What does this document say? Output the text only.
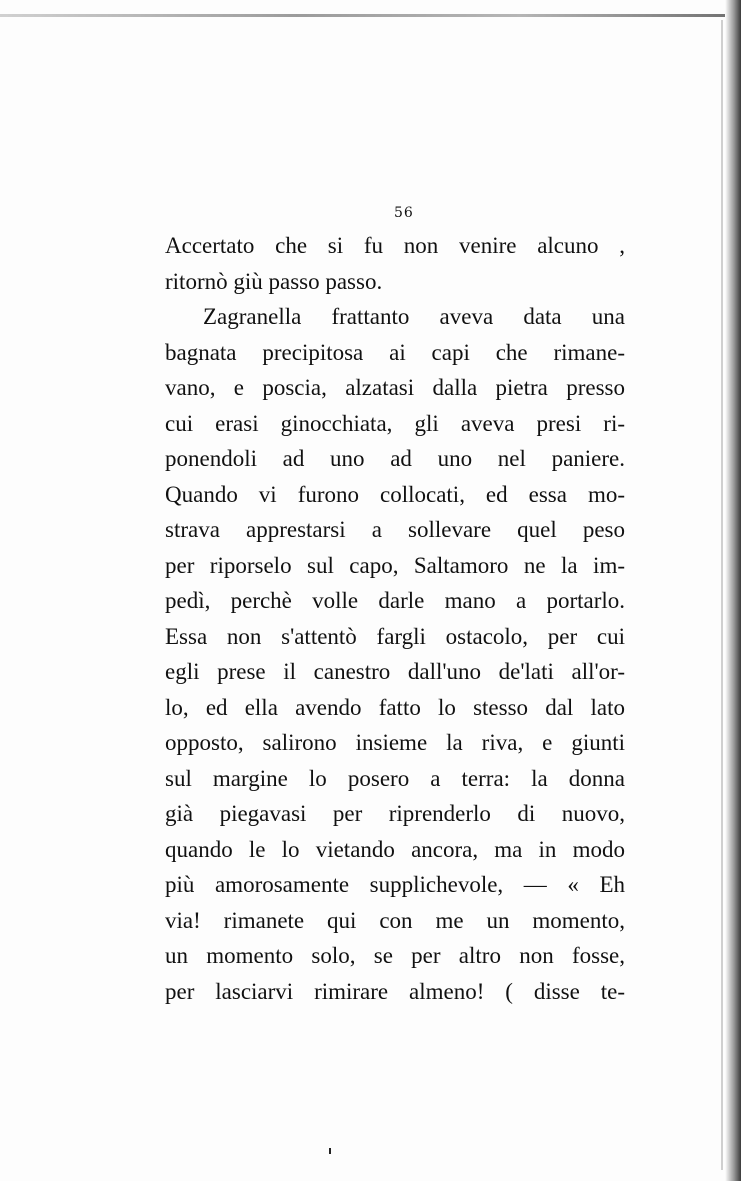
56
Accertato che si fu non venire alcuno ,
ritornò giù passo passo.
Zagranella frattanto aveva data una
bagnata precipitosa ai capi che rimane-
vano, e poscia, alzatasi dalla pietra presso
cui erasi ginocchiata, gli aveva presi ri-
ponendoli ad uno ad uno nel paniere.
Quando vi furono collocati, ed essa mo-
strava apprestarsi a sollevare quel peso
per riporselo sul capo, Saltamoro ne la im-
pedì, perchè volle darle mano a portarlo.
Essa non s'attentò fargli ostacolo, per cui
egli prese il canestro dall'uno de'lati all'or-
lo, ed ella avendo fatto lo stesso dal lato
opposto, salirono insieme la riva, e giunti
sul margine lo posero a terra: la donna
già piegavasi per riprenderlo di nuovo,
quando le lo vietando ancora, ma in modo
più amorosamente supplichevole, — « Eh
via! rimanete qui con me un momento,
un momento solo, se per altro non fosse,
per lasciarvi rimirare almeno! ( disse te-
